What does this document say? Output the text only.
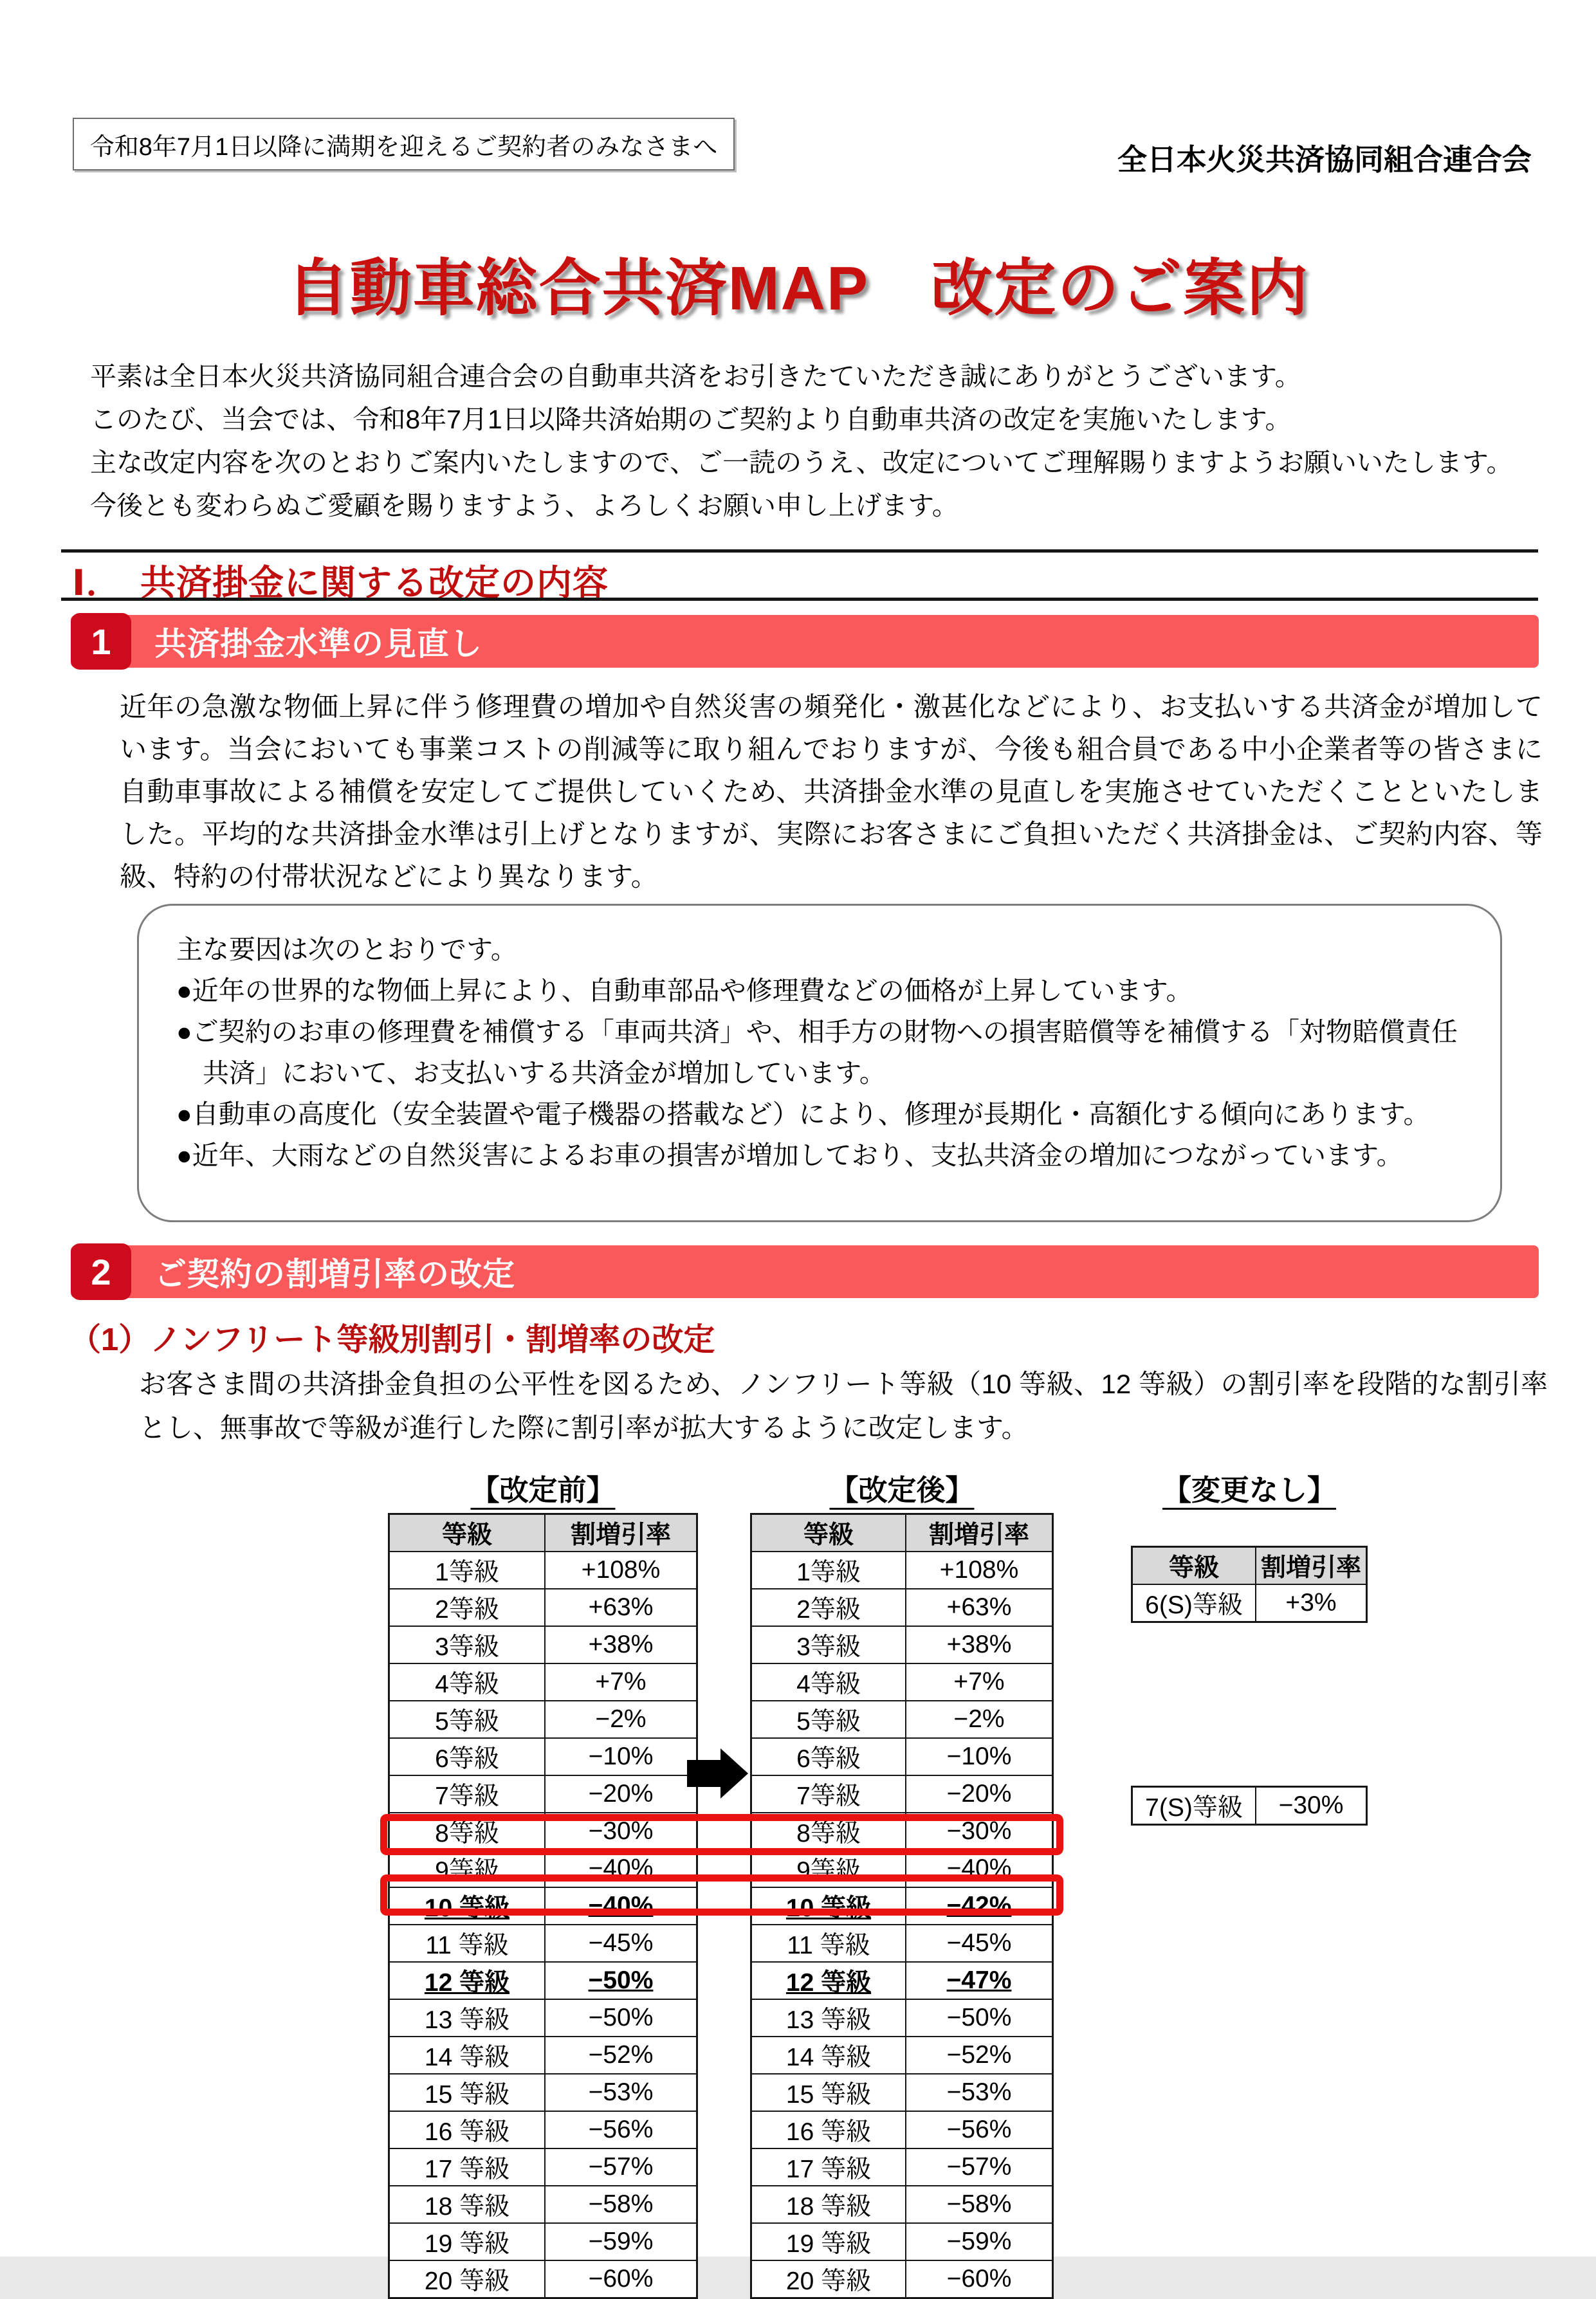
令和8年7月1日以降に満期を迎えるご契約者のみなさまへ	全日本火災共済協同組合連合会
自動車総合共済MAP　改定のご案内
平素は全日本火災共済協同組合連合会の自動車共済をお引きたていただき誠にありがとうございます。
このたび、当会では、令和8年7月1日以降共済始期のご契約より自動車共済の改定を実施いたします。
主な改定内容を次のとおりご案内いたしますので、ご一読のうえ、改定についてご理解賜りますようお願いいたします。
今後とも変わらぬご愛顧を賜りますよう、よろしくお願い申し上げます。
Ⅰ．　共済掛金に関する改定の内容
1	共済掛金水準の見直し
近年の急激な物価上昇に伴う修理費の増加や自然災害の頻発化・激甚化などにより、お支払いする共済金が増加しています。当会においても事業コストの削減等に取り組んでおりますが、今後も組合員である中小企業者等の皆さまに自動車事故による補償を安定してご提供していくため、共済掛金水準の見直しを実施させていただくことといたしました。平均的な共済掛金水準は引上げとなりますが、実際にお客さまにご負担いただく共済掛金は、ご契約内容、等級、特約の付帯状況などにより異なります。
主な要因は次のとおりです。
●近年の世界的な物価上昇により、自動車部品や修理費などの価格が上昇しています。
●ご契約のお車の修理費を補償する「車両共済」や、相手方の財物への損害賠償等を補償する「対物賠償責任共済」において、お支払いする共済金が増加しています。
●自動車の高度化（安全装置や電子機器の搭載など）により、修理が長期化・高額化する傾向にあります。
●近年、大雨などの自然災害によるお車の損害が増加しており、支払共済金の増加につながっています。
2	ご契約の割増引率の改定
（1）ノンフリート等級別割引・割増率の改定
お客さま間の共済掛金負担の公平性を図るため、ノンフリート等級（10 等級、12 等級）の割引率を段階的な割引率とし、無事故で等級が進行した際に割引率が拡大するように改定します。
【改定前】	【改定後】	【変更なし】
等級	割増引率
1等級	+108%
2等級	+63%
3等級	+38%
4等級	+7%
5等級	−2%
6等級	−10%
7等級	−20%
8等級	−30%
9等級	−40%
10 等級	−40%
11 等級	−45%
12 等級	−50%
13 等級	−50%
14 等級	−52%
15 等級	−53%
16 等級	−56%
17 等級	−57%
18 等級	−58%
19 等級	−59%
20 等級	−60%
等級	割増引率
1等級	+108%
2等級	+63%
3等級	+38%
4等級	+7%
5等級	−2%
6等級	−10%
7等級	−20%
8等級	−30%
9等級	−40%
10 等級	−42%
11 等級	−45%
12 等級	−47%
13 等級	−50%
14 等級	−52%
15 等級	−53%
16 等級	−56%
17 等級	−57%
18 等級	−58%
19 等級	−59%
20 等級	−60%
等級	割増引率
6(S)等級	+3%
7(S)等級	−30%
